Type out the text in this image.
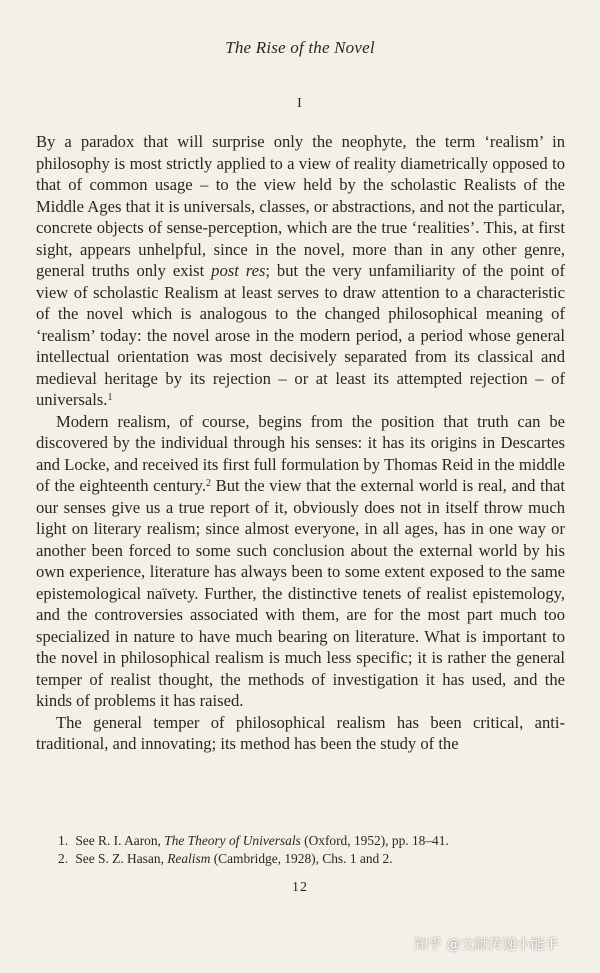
The Rise of the Novel
I

By a paradox that will surprise only the neophyte, the term ‘realism’ in philosophy is most strictly applied to a view of reality diametrically opposed to that of common usage – to the view held by the scholastic Realists of the Middle Ages that it is universals, classes, or abstractions, and not the particular, concrete objects of sense-perception, which are the true ‘realities’. This, at first sight, appears unhelpful, since in the novel, more than in any other genre, general truths only exist post res; but the very unfamiliarity of the point of view of scholastic Realism at least serves to draw attention to a characteristic of the novel which is analogous to the changed philosophical meaning of ‘realism’ today: the novel arose in the modern period, a period whose general intellectual orientation was most decisively separated from its classical and medieval heritage by its rejection – or at least its attempted rejection – of universals.$^1$

Modern realism, of course, begins from the position that truth can be discovered by the individual through his senses: it has its origins in Descartes and Locke, and received its first full formulation by Thomas Reid in the middle of the eighteenth century.$^2$ But the view that the external world is real, and that our senses give us a true report of it, obviously does not in itself throw much light on literary realism; since almost everyone, in all ages, has in one way or another been forced to some such conclusion about the external world by his own experience, literature has always been to some extent exposed to the same epistemological naïvety. Further, the distinctive tenets of realist epistemology, and the controversies associated with them, are for the most part much too specialized in nature to have much bearing on literature. What is important to the novel in philosophical realism is much less specific; it is rather the general temper of realist thought, the methods of investigation it has used, and the kinds of problems it has raised.

The general temper of philosophical realism has been critical, anti-traditional, and innovating; its method has been the study of the

1. See R. I. Aaron, The Theory of Universals (Oxford, 1952), pp. 18–41.
2. See S. Z. Hasan, Realism (Cambridge, 1928), Chs. 1 and 2.
12
知乎 @文献传递小能手
